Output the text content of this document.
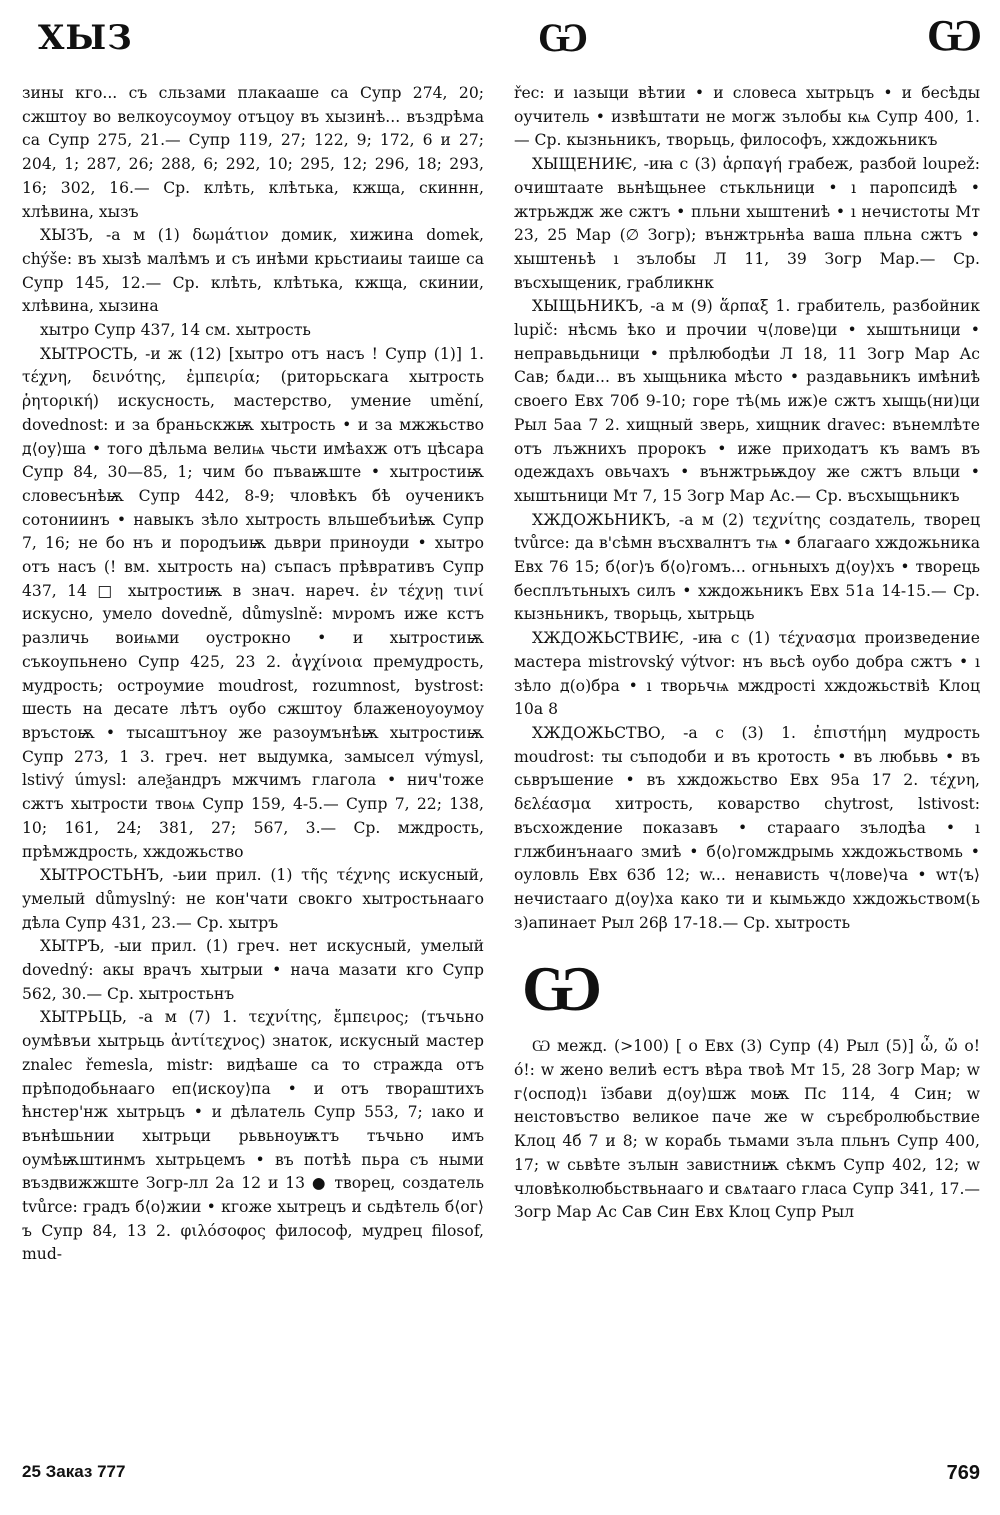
ХЫЗ	Ѡ	Ѡ

зины кго... съ сльзами плакааше са Супр 274, 20; сжштоу во велкоусоумоу отъцоу въ хызинѣ... въздрѣма са Супр 275, 21.— Супр 119, 27; 122, 9; 172, 6 и 27; 204, 1; 287, 26; 288, 6; 292, 10; 295, 12; 296, 18; 293, 16; 302, 16.— Ср. клѣть, клѣтька, кжща, скиннн, хлѣвина, хызъ

ХЫЗЪ, -а м (1) δωμάτιον домик, хижина domek, chýše: въ хызѣ малѣмъ и съ инѣми крьстиаиы таише са Супр 145, 12.— Ср. клѣть, клѣтька, кжща, скинии, хлѣвина, хызина

хытро Супр 437, 14 см. хытрость

ХЫТРОСТЬ, -и ж (12) [хытро отъ насъ ! Супр (1)] 1. τέχνη, δεινότης, ἐμπειρία; (риторьскага хытрость ῥητορική) искусность, мастерство, умение umění, dovednost: и за браньскжѭ хытрость • и за мжжьство д⟨оу⟩ша • того дѣльма велиѩ чьсти имѣахж отъ цѣсара Супр 84, 30—85, 1; чим бо пъваѭште • хытростиѭ словесънѣѭ Супр 442, 8-9; чловѣкъ бѣ оученикъ сотониинъ • навыкъ зѣло хытрость вльшебъиѣѭ Супр 7, 16; не бо нъ и породъиѭ дьври приноуди • хытро отъ насъ (! вм. хытрость на) съпасъ прѣвративъ Супр 437, 14 □ хытростиѭ в знач. нареч. ἐν τέχνῃ τινί искусно, умело dovedně, důmyslně: мνромъ иже кстъ различь воиѩми оустрокно • и хытростиѭ съкоупьнено Супр 425, 23 2. ἀγχίνοια премудрость, мудрость; остроумие moudrost, rozumnost, bystrost: шесть на десате лѣтъ оубо сжштоу блаженоуоумоу връстоѭ • тысаштъноу же разоумънѣѭ хытростиѭ Супр 273, 1 3. греч. нет выдумка, замысел výmysl, lstivý úmysl: алеѯандръ мжчимъ глагола • нич'тоже сжтъ хытрости твоѩ Супр 159, 4-5.— Супр 7, 22; 138, 10; 161, 24; 381, 27; 567, 3.— Ср. мждрость, прѣмждрость, хждожьство

ХЫТРОСТЬНЪ, -ьии прил. (1) τῆς τέχνης искусный, умелый důmyslný: не кон'чати свокго хытростьнааго дѣла Супр 431, 23.— Ср. хытръ

ХЫТРЪ, -ыи прил. (1) греч. нет искусный, умелый dovedný: акы врачъ хытрыи • нача мазати кго Супр 562, 30.— Ср. хытростьнъ

ХЫТРЬЦЬ, -а м (7) 1. τεχνίτης, ἔμπειρος; (тъчьно оумѣвъи хытрьць ἀντίτεχνος) знаток, искусный мастер znalec řemesla, mistr: видѣаше са то стражда отъ прѣподобьнааго еп⟨искоу⟩па • и отъ твораштихъ ћнстер'нж хытрьцъ • и дѣлатель Супр 553, 7; ıако и вънѣшьнии хытрьци рьвьноуѭтъ тъчьно имъ оумѣѭштинмъ хытрьцемъ • въ потѣѣ пьра съ ными въздвижжште Зогр-лл 2а 12 и 13 ● творец, создатель tvůrce: градъ б⟨о⟩жии • кгоже хытрецъ и сьдѣтель б⟨ог⟩ъ Супр 84, 13 2. φιλόσοφος философ, мудрец filosof, mud-

řec: и ıазыци вѣтии • и словеса хытрьцъ • и бесѣды оучитель • извѣштати не могж зълобы кѩ Супр 400, 1.— Ср. кызньникъ, творьць, философъ, хждожьникъ

ХЫЩЕНИѤ, -иꙗ с (3) ἁρπαγή грабеж, разбой loupež: очиштаате вьнѣщьнее стькльници • ı паропсидѣ • жтрьждж же сжтъ • пльни хыштениѣ • ı нечистоты Мт 23, 25 Мар (∅ Зогр); вънжтрьнѣа ваша пльна сжтъ • хыштеньѣ ı зълобы Л 11, 39 Зогр Мар.— Ср. въсхыщеник, грабликнк

ХЫЩЬНИКЪ, -а м (9) ἅρπαξ 1. грабитель, разбойник lupič: нѣсмь ѣко и прочии ч⟨лове⟩ци • хыштьници • неправьдьници • прѣлюбодѣи Л 18, 11 Зогр Мар Ас Сав; бѧди... въ хыщьника мѣсто • раздавьникъ имѣниѣ своего Евх 70б 9-10; горе тѣ(мь иж)е сжтъ хыщь(ни)ци Рыл 5аа 7 2. хищный зверь, хищник dravec: вънемлѣте отъ лъжнихъ пророкъ • иже приходатъ къ вамъ въ одеждахъ овьчахъ • вънжтрьѭдоу же сжтъ вльци • хыштьници Мт 7, 15 Зогр Мар Ас.— Ср. въсхыщьникъ

ХЖДОЖЬНИКЪ, -а м (2) τεχνίτης создатель, творец tvůrce: да в'сѣмн въсхвалнтъ тѩ • благааго хждожьника Евх 76 15; б⟨ог⟩ъ б⟨о⟩гомъ... огньныхъ д⟨оу⟩хъ • творець бесплътьныхъ силъ • хждожьникъ Евх 51а 14-15.— Ср. кызньникъ, творьць, хытрьць

ХЖДОЖЬСТВИѤ, -иꙗ с (1) τέχνασμα произведение мастера mistrovský výtvor: нъ вьсѣ оубо добра сжтъ • ı зѣло д(о)бра • ı творьчѩ мждрості хждожьствіѣ Клоц 10а 8

ХЖДОЖЬСТВО, -а с (3) 1. ἐπιστήμη мудрость moudrost: ты съподоби и въ кротость • въ любьвь • въ сьвръшение • въ хждожьство Евх 95а 17 2. τέχνη, δελέασμα хитрость, коварство chytrost, lstivost: въсхождение показавъ • стараагo зълодѣа • ı глжбинънааго змиѣ • б⟨о⟩гомждрымь хждожьствомь • оуловль Евх 63б 12; w... ненависть ч⟨лове⟩ча • wт⟨ъ⟩ нечистааго д⟨оу⟩ха како ти и кымьждо хждожьством(ь з)апинает Рыл 26β 17-18.— Ср. хытрость

Ѡ

Ѡ межд. (>100) [ о Евх (3) Супр (4) Рыл (5)] ὦ, ὤ о! ó!: w жено велиѣ естъ вѣра твоѣ Мт 15, 28 Зогр Мар; w г⟨оспод⟩ı їзбави д⟨оу⟩шж моѭ Пс 114, 4 Син; w неıстовъство великое паче же w сърєбролюбьствие Клоц 4б 7 и 8; w корабь тьмами зъла пльнъ Супр 400, 17; w сьвѣте зълын завистниѭ сѣкмъ Супр 402, 12; w чловѣколюбьствьнааго и свѧтааго гласа Супр 341, 17.— Зогр Мар Ас Сав Син Евх Клоц Супр Рыл

25 Заказ 777	769
